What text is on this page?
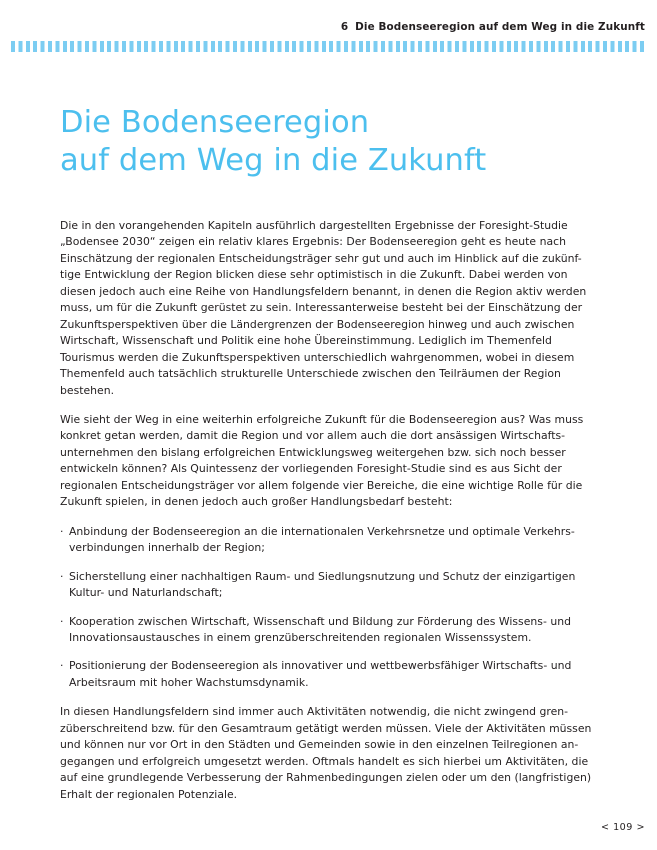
6 Die Bodenseeregion auf dem Weg in die Zukunft
Die Bodenseeregion
auf dem Weg in die Zukunft

Die in den vorangehenden Kapiteln ausführlich dargestellten Ergebnisse der Foresight-Studie „Bodensee 2030“ zeigen ein relativ klares Ergebnis: Der Bodenseeregion geht es heute nach Einschätzung der regionalen Entscheidungsträger sehr gut und auch im Hinblick auf die zukünf-tige Entwicklung der Region blicken diese sehr optimistisch in die Zukunft. Dabei werden von diesen jedoch auch eine Reihe von Handlungsfeldern benannt, in denen die Region aktiv werden muss, um für die Zukunft gerüstet zu sein. Interessanterweise besteht bei der Einschätzung der Zukunftsperspektiven über die Ländergrenzen der Bodenseeregion hinweg und auch zwischen Wirtschaft, Wissenschaft und Politik eine hohe Übereinstimmung. Lediglich im Themenfeld Tourismus werden die Zukunftsperspektiven unterschiedlich wahrgenommen, wobei in diesem Themenfeld auch tatsächlich strukturelle Unterschiede zwischen den Teilräumen der Region bestehen.

Wie sieht der Weg in eine weiterhin erfolgreiche Zukunft für die Bodenseeregion aus? Was muss konkret getan werden, damit die Region und vor allem auch die dort ansässigen Wirtschafts-unternehmen den bislang erfolgreichen Entwicklungsweg weitergehen bzw. sich noch besser entwickeln können? Als Quintessenz der vorliegenden Foresight-Studie sind es aus Sicht der regionalen Entscheidungsträger vor allem folgende vier Bereiche, die eine wichtige Rolle für die Zukunft spielen, in denen jedoch auch großer Handlungsbedarf besteht:

· Anbindung der Bodenseeregion an die internationalen Verkehrsnetze und optimale Verkehrs-verbindungen innerhalb der Region;
· Sicherstellung einer nachhaltigen Raum- und Siedlungsnutzung und Schutz der einzigartigen Kultur- und Naturlandschaft;
· Kooperation zwischen Wirtschaft, Wissenschaft und Bildung zur Förderung des Wissens- und Innovationsaustausches in einem grenzüberschreitenden regionalen Wissenssystem.
· Positionierung der Bodenseeregion als innovativer und wettbewerbsfähiger Wirtschafts- und Arbeitsraum mit hoher Wachstumsdynamik.

In diesen Handlungsfeldern sind immer auch Aktivitäten notwendig, die nicht zwingend gren-züberschreitend bzw. für den Gesamtraum getätigt werden müssen. Viele der Aktivitäten müssen und können nur vor Ort in den Städten und Gemeinden sowie in den einzelnen Teilregionen an-gegangen und erfolgreich umgesetzt werden. Oftmals handelt es sich hierbei um Aktivitäten, die auf eine grundlegende Verbesserung der Rahmenbedingungen zielen oder um den (langfristigen) Erhalt der regionalen Potenziale.

< 109 >
